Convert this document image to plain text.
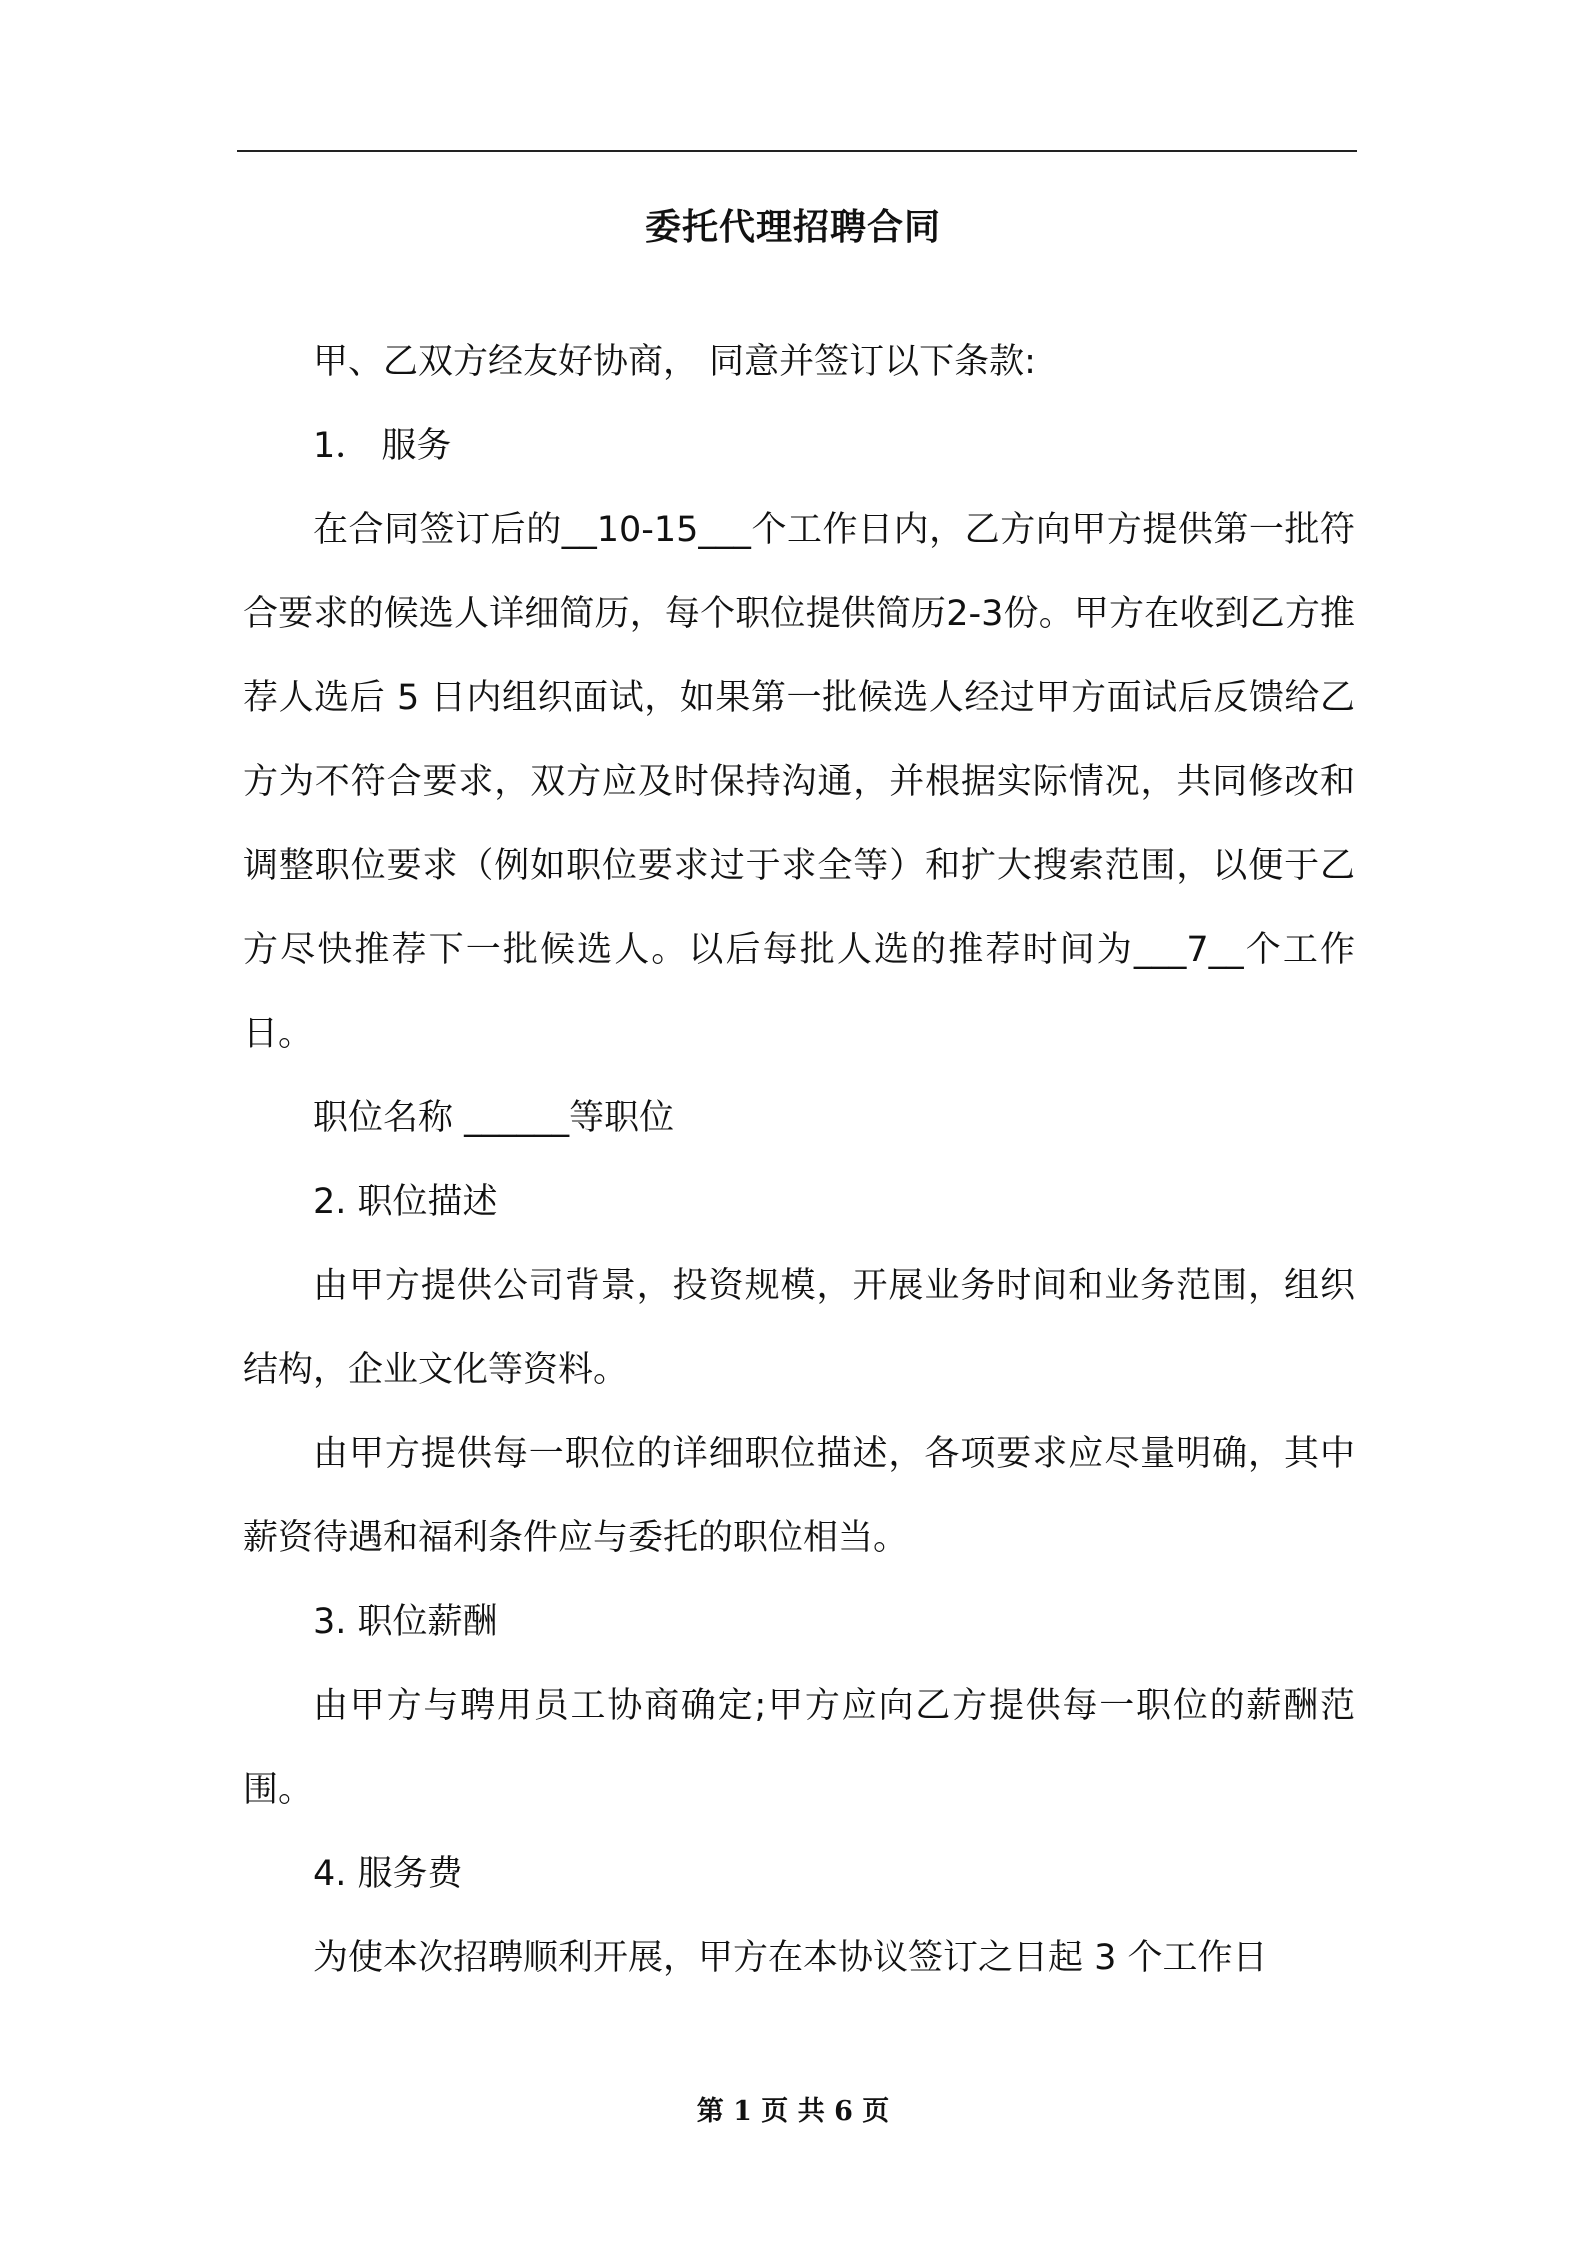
委托代理招聘合同

甲、乙双方经友好协商， 同意并签订以下条款:

1． 服务

在合同签订后的__10-15___个工作日内，乙方向甲方提供第一批符合要求的候选人详细简历，每个职位提供简历2-3份。甲方在收到乙方推荐人选后 5 日内组织面试，如果第一批候选人经过甲方面试后反馈给乙方为不符合要求，双方应及时保持沟通，并根据实际情况，共同修改和调整职位要求（例如职位要求过于求全等）和扩大搜索范围，以便于乙方尽快推荐下一批候选人。以后每批人选的推荐时间为___7__个工作日。

职位名称 ______等职位

2. 职位描述

由甲方提供公司背景，投资规模，开展业务时间和业务范围，组织结构，企业文化等资料。

由甲方提供每一职位的详细职位描述，各项要求应尽量明确，其中薪资待遇和福利条件应与委托的职位相当。

3. 职位薪酬

由甲方与聘用员工协商确定;甲方应向乙方提供每一职位的薪酬范围。

4. 服务费

为使本次招聘顺利开展，甲方在本协议签订之日起 3 个工作日

第 1 页 共 6 页
